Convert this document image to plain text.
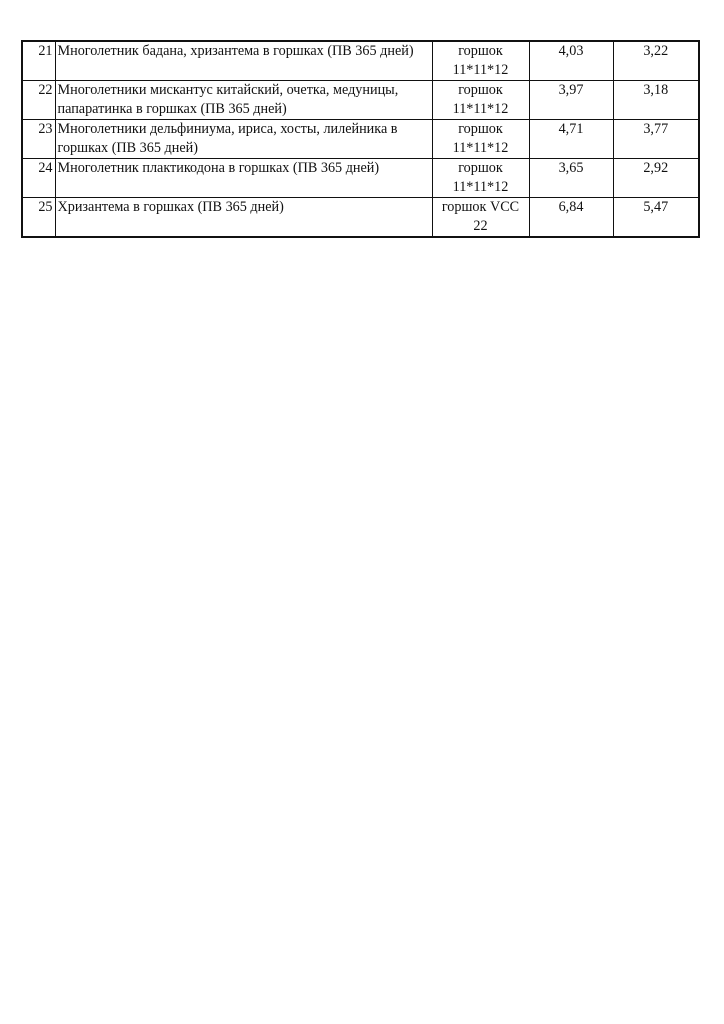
21	Многолетник бадана, хризантема в горшках (ПВ 365 дней)	горшок 11*11*12	4,03	3,22
22	Многолетники мискантус китайский, очетка, медуницы, папаратинка в горшках (ПВ 365 дней)	горшок 11*11*12	3,97	3,18
23	Многолетники дельфиниума, ириса, хосты, лилейника в горшках (ПВ 365 дней)	горшок 11*11*12	4,71	3,77
24	Многолетник плактикодона в горшках (ПВ 365 дней)	горшок 11*11*12	3,65	2,92
25	Хризантема в горшках (ПВ 365 дней)	горшок VCC 22	6,84	5,47
